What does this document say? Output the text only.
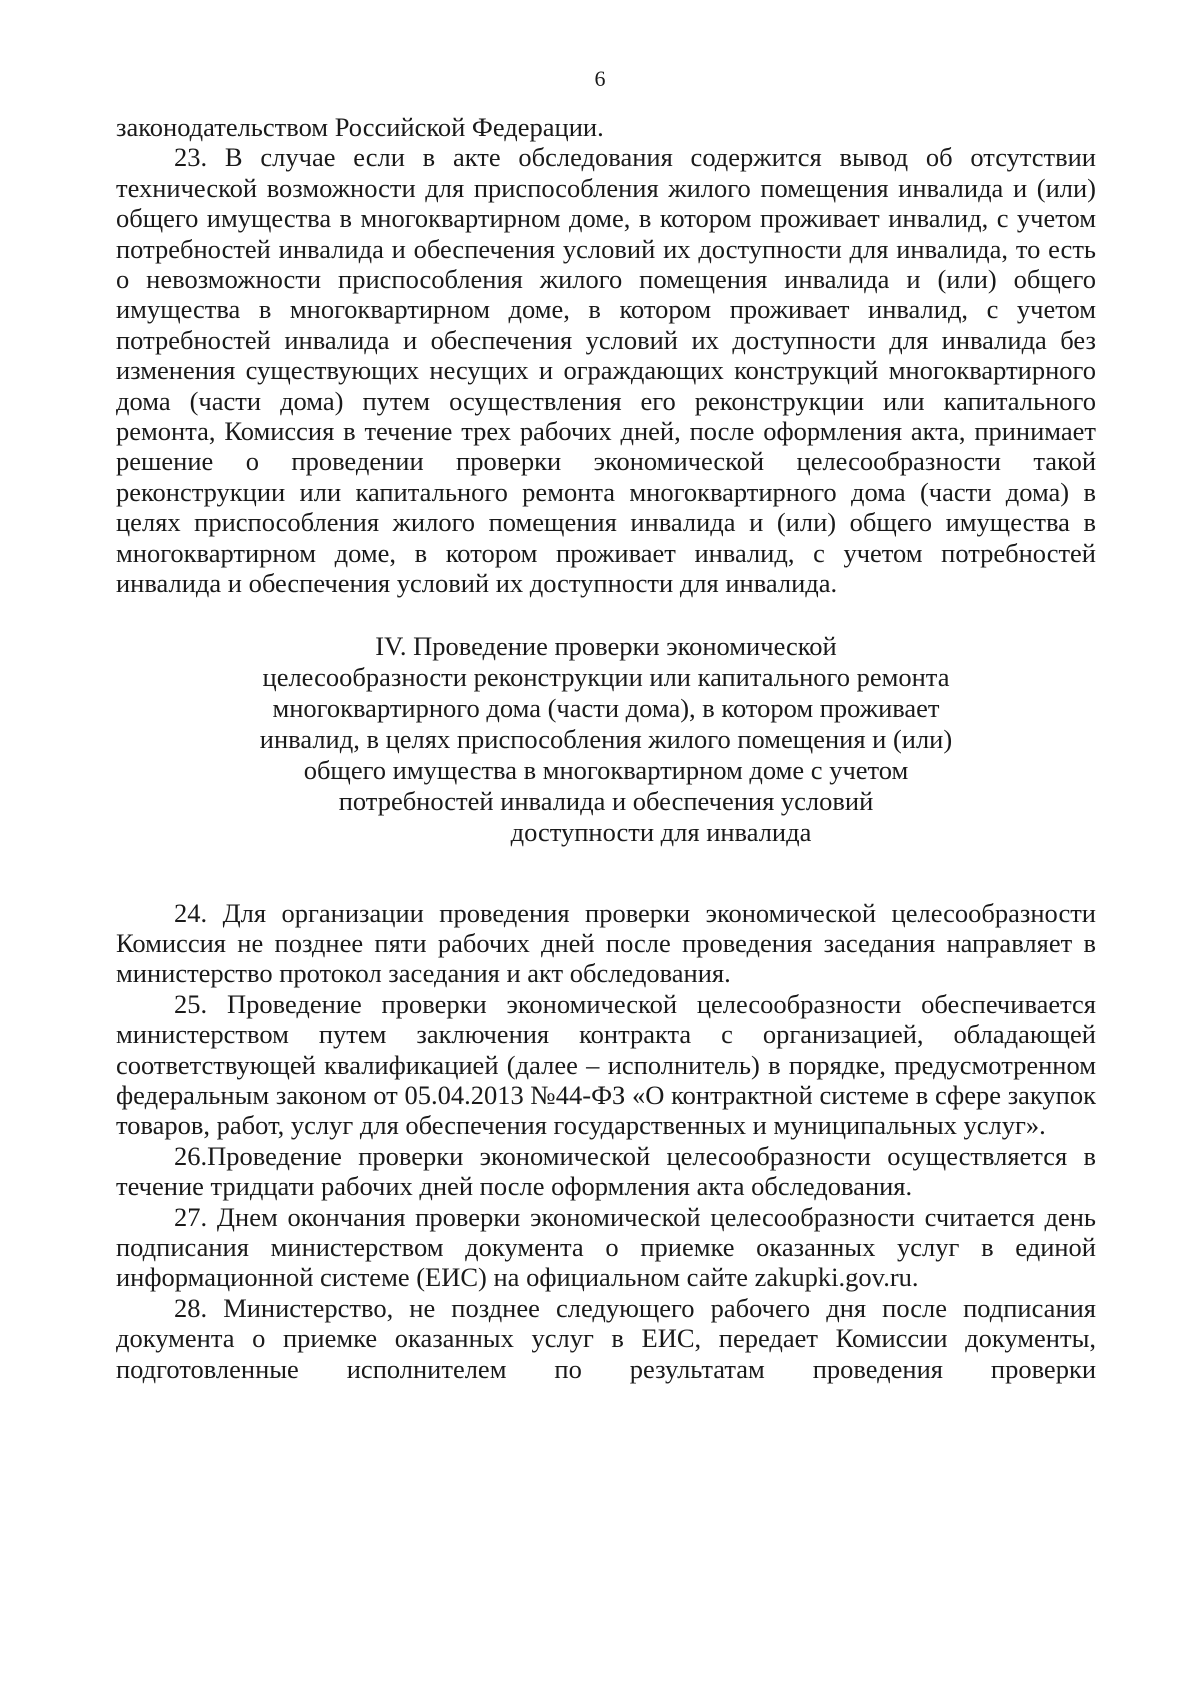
6

законодательством Российской Федерации.

23. В случае если в акте обследования содержится вывод об отсутствии технической возможности для приспособления жилого помещения инвалида и (или) общего имущества в многоквартирном доме, в котором проживает инвалид, с учетом потребностей инвалида и обеспечения условий их доступности для инвалида, то есть о невозможности приспособления жилого помещения инвалида и (или) общего имущества в многоквартирном доме, в котором проживает инвалид, с учетом потребностей инвалида и обеспечения условий их доступности для инвалида без изменения существующих несущих и ограждающих конструкций многоквартирного дома (части дома) путем осуществления его реконструкции или капитального ремонта, Комиссия в течение трех рабочих дней, после оформления акта, принимает решение о проведении проверки экономической целесообразности такой реконструкции или капитального ремонта многоквартирного дома (части дома) в целях приспособления жилого помещения инвалида и (или) общего имущества в многоквартирном доме, в котором проживает инвалид, с учетом потребностей инвалида и обеспечения условий их доступности для инвалида.

IV. Проведение проверки экономической
целесообразности реконструкции или капитального ремонта
многоквартирного дома (части дома), в котором проживает
инвалид, в целях приспособления жилого помещения и (или)
общего имущества в многоквартирном доме с учетом
потребностей инвалида и обеспечения условий
доступности для инвалида

24. Для организации проведения проверки экономической целесообразности Комиссия не позднее пяти рабочих дней после проведения заседания направляет в министерство протокол заседания и акт обследования.

25. Проведение проверки экономической целесообразности обеспечивается министерством путем заключения контракта с организацией, обладающей соответствующей квалификацией (далее – исполнитель) в порядке, предусмотренном федеральным законом от 05.04.2013 №44-ФЗ «О контрактной системе в сфере закупок товаров, работ, услуг для обеспечения государственных и муниципальных услуг».

26.Проведение проверки экономической целесообразности осуществляется в течение тридцати рабочих дней после оформления акта обследования.

27. Днем окончания проверки экономической целесообразности считается день подписания министерством документа о приемке оказанных услуг в единой информационной системе (ЕИС) на официальном сайте zakupki.gov.ru.

28. Министерство, не позднее следующего рабочего дня после подписания документа о приемке оказанных услуг в ЕИС, передает Комиссии документы, подготовленные исполнителем по результатам проведения проверки
